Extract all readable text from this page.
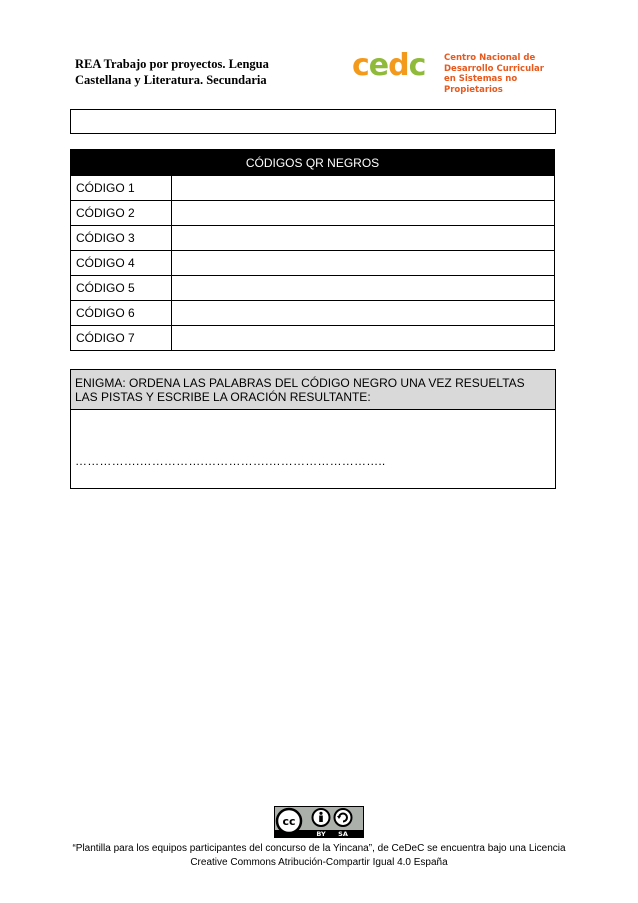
REA Trabajo por proyectos. Lengua Castellana y Literatura. Secundaria	cedc Centro Nacional de
Desarrollo Curricular
en Sistemas no Propietarios
CÓDIGOS QR NEGROS	
CÓDIGO 1	
CÓDIGO 2	
CÓDIGO 3	
CÓDIGO 4	
CÓDIGO 5	
CÓDIGO 6	
CÓDIGO 7	
ENIGMA: ORDENA LAS PALABRAS DEL CÓDIGO NEGRO UNA VEZ RESUELTAS LAS PISTAS Y ESCRIBE LA ORACIÓN RESULTANTE:
…………….…………….…………….………………………..
cc
BY SA
“Plantilla para los equipos participantes del concurso de la Yincana”, de CeDeC se encuentra bajo una Licencia
Creative Commons Atribución-Compartir Igual 4.0 España
